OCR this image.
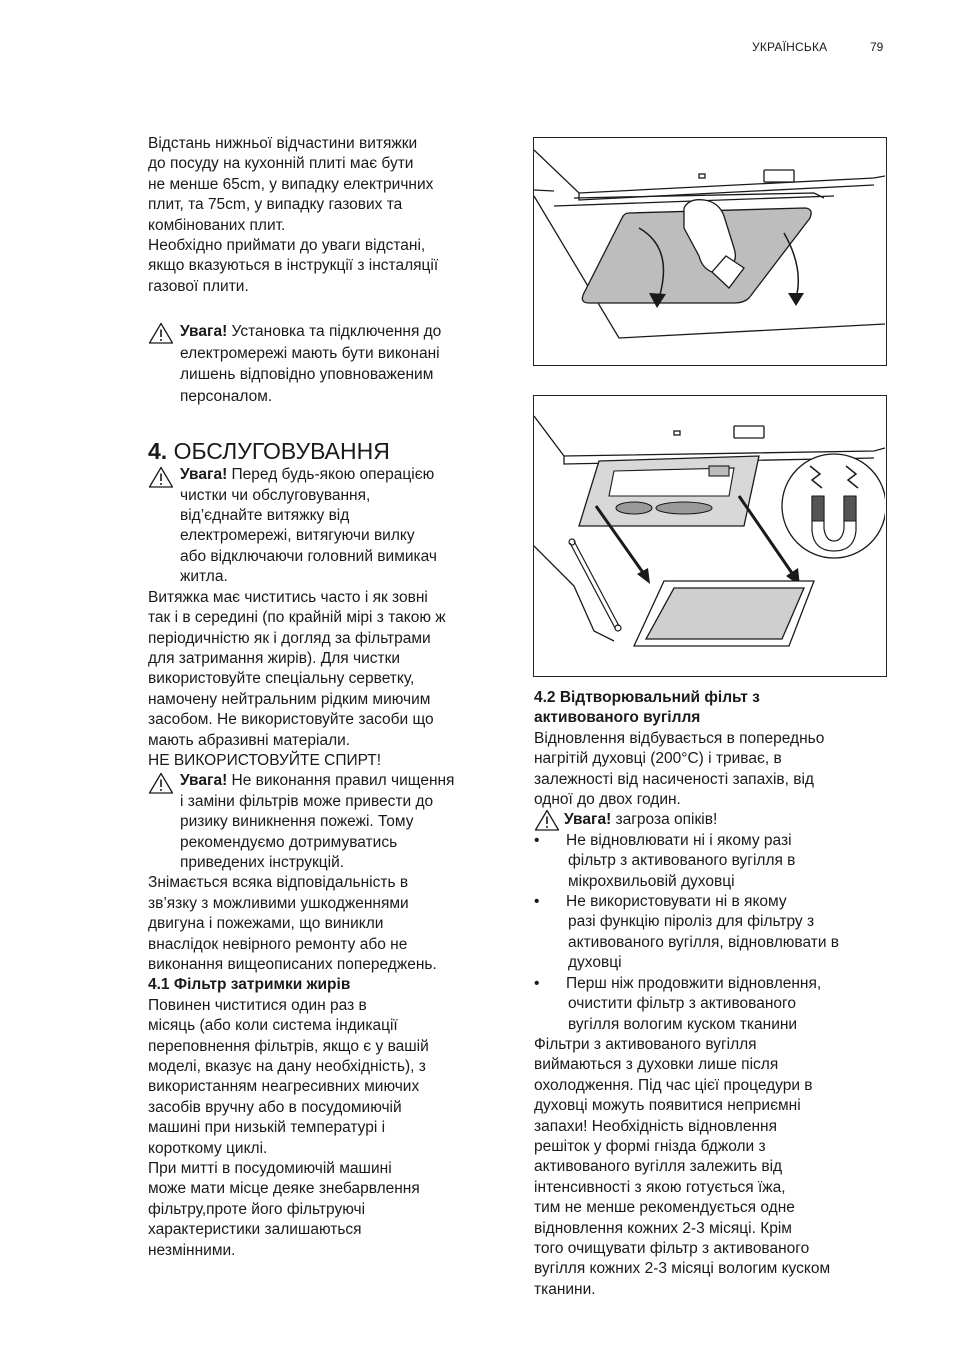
УКРАЇНСЬКА	79

Відстань нижньої відчастини витяжки

до посуду на кухонній плиті має бути

не менше 65cm, у випадку електричних

плит, та 75cm, у випадку газових та

комбінованих плит.

Необхідно приймати до уваги відстані,

якщо вказуються в інструкції з інсталяції

газової плити.

Увага! Установка та підключення до

електромережі мають бути виконані

лишень відповідно уповноваженим

персоналом.

4. ОБСЛУГОВУВАННЯ

Увага! Перед будь-якою операцією

чистки чи обслуговування,

від’єднайте витяжку від

електромережі, витягуючи вилку

або відключаючи головний вимикач

житла.

Витяжка має чиститись часто і як зовні

так і в середині (по крайній мірі з такою ж

періодичністю як і догляд за фільтрами

для затримання жирів). Для чистки

використовуйте спеціальну серветку,

намочену нейтральним рідким миючим

засобом. Не використовуйте засоби що

мають абразивні матеріали.

НЕ ВИКОРИСТОВУЙТЕ СПИРТ!

Увага! Не виконання правил чищення

і заміни фільтрів може привести до

ризику виникнення пожежі. Тому

рекомендуємо дотримуватись

приведених інструкцій.

Знімається всяка відповідальність в

зв’язку з можливими ушкодженнями

двигуна і пожежами, що виникли

внаслідок невірного ремонту або не

виконання вищеописаних попереджень.

4.1 Фільтр затримки жирів

Повинен чиститися один раз в

місяць (або коли система індикації

переповнення фільтрів, якщо є у вашій

моделі, вказує на дану необхідність), з

використанням неагресивних миючих

засобів вручну або в посудомиючій

машині при низькій температурі і

короткому циклі.

При митті в посудомиючій машині

може мати місце деяке знебарвлення

фільтру,проте його фільтруючі

характеристики залишаються

незмінними.

4.2 Відтворювальний фільт з

активованого вугілля

Відновлення відбувається в попередньо

нагрітій духовці (200°C) і триває, в

залежності від насиченості запахів, від

одної до двох годин.

Увага! загроза опіків!

• Не відновлювати ні і якому разі

фільтр з активованого вугілля в

мікрохвильовій духовці

• Не використовувати ні в якому

разі функцію піроліз для фільтру з

активованого вугілля, відновлювати в

духовці

• Перш ніж продовжити відновлення,

очистити фільтр з активованого

вугілля вологим куском тканини

Фільтри з активованого вугілля

виймаються з духовки лише після

охолодження. Під час цієї процедури в

духовці можуть появитися неприємні

запахи! Необхідність відновлення

решіток у формі гнізда бджоли з

активованого вугілля залежить від

інтенсивності з якою готується їжа,

тим не менше рекомендується одне

відновлення кожних 2-3 місяці. Крім

того очищувати фільтр з активованого

вугілля кожних 2-3 місяці вологим куском

тканини.
